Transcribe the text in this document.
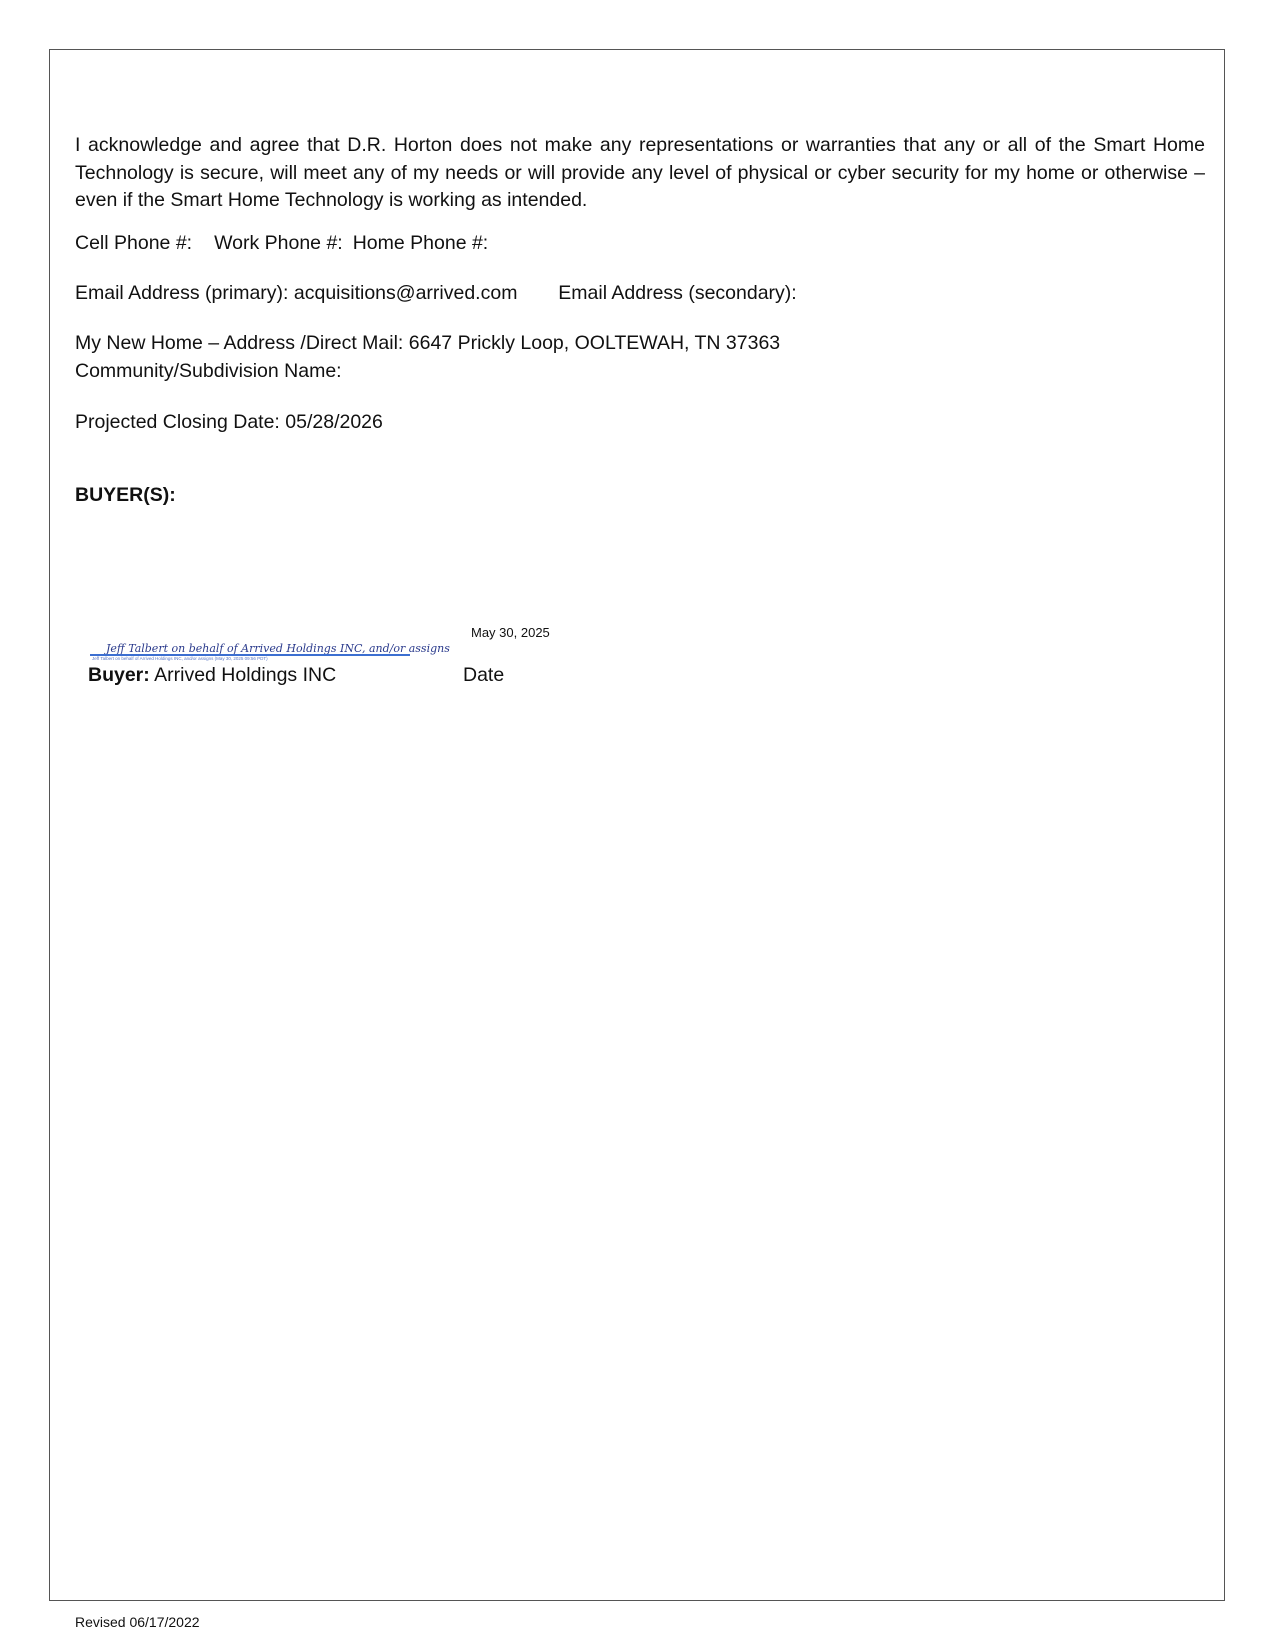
I acknowledge and agree that D.R. Horton does not make any representations or warranties that any or all of the Smart Home Technology is secure, will meet any of my needs or will provide any level of physical or cyber security for my home or otherwise – even if the Smart Home Technology is working as intended.
Cell Phone #: Work Phone #: Home Phone #:
Email Address (primary): acquisitions@arrived.com Email Address (secondary):
My New Home – Address /Direct Mail: 6647 Prickly Loop, OOLTEWAH, TN 37363
Community/Subdivision Name:
Projected Closing Date: 05/28/2026
BUYER(S):
May 30, 2025
Jeff Talbert on behalf of Arrived Holdings INC, and/or assigns
Jeff Talbert on behalf of Arrived Holdings INC, and/or assigns (May 30, 2025 09:56 PDT)
Buyer: Arrived Holdings INC	Date
Revised 06/17/2022
